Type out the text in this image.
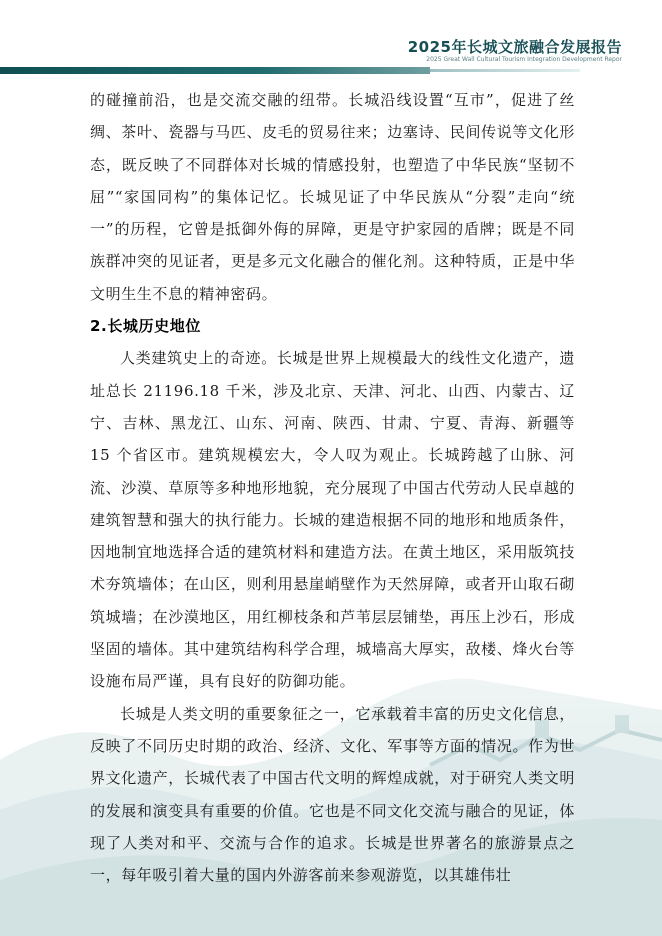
2025年长城文旅融合发展报告
2025 Great Wall Cultural Tourism Integration Development Repor

的碰撞前沿，也是交流交融的纽带。长城沿线设置“互市”，促进了丝绸、茶叶、瓷器与马匹、皮毛的贸易往来；边塞诗、民间传说等文化形态，既反映了不同群体对长城的情感投射，也塑造了中华民族“坚韧不屈”“家国同构”的集体记忆。长城见证了中华民族从“分裂”走向“统一”的历程，它曾是抵御外侮的屏障，更是守护家园的盾牌；既是不同族群冲突的见证者，更是多元文化融合的催化剂。这种特质，正是中华文明生生不息的精神密码。

2.长城历史地位

人类建筑史上的奇迹。长城是世界上规模最大的线性文化遗产，遗址总长 21196.18 千米，涉及北京、天津、河北、山西、内蒙古、辽宁、吉林、黑龙江、山东、河南、陕西、甘肃、宁夏、青海、新疆等 15 个省区市。建筑规模宏大，令人叹为观止。长城跨越了山脉、河流、沙漠、草原等多种地形地貌，充分展现了中国古代劳动人民卓越的建筑智慧和强大的执行能力。长城的建造根据不同的地形和地质条件，因地制宜地选择合适的建筑材料和建造方法。在黄土地区，采用版筑技术夯筑墙体；在山区，则利用悬崖峭壁作为天然屏障，或者开山取石砌筑城墙；在沙漠地区，用红柳枝条和芦苇层层铺垫，再压上沙石，形成坚固的墙体。其中建筑结构科学合理，城墙高大厚实，敌楼、烽火台等设施布局严谨，具有良好的防御功能。

长城是人类文明的重要象征之一，它承载着丰富的历史文化信息，反映了不同历史时期的政治、经济、文化、军事等方面的情况。作为世界文化遗产，长城代表了中国古代文明的辉煌成就，对于研究人类文明的发展和演变具有重要的价值。它也是不同文化交流与融合的见证，体现了人类对和平、交流与合作的追求。长城是世界著名的旅游景点之一，每年吸引着大量的国内外游客前来参观游览，以其雄伟壮
